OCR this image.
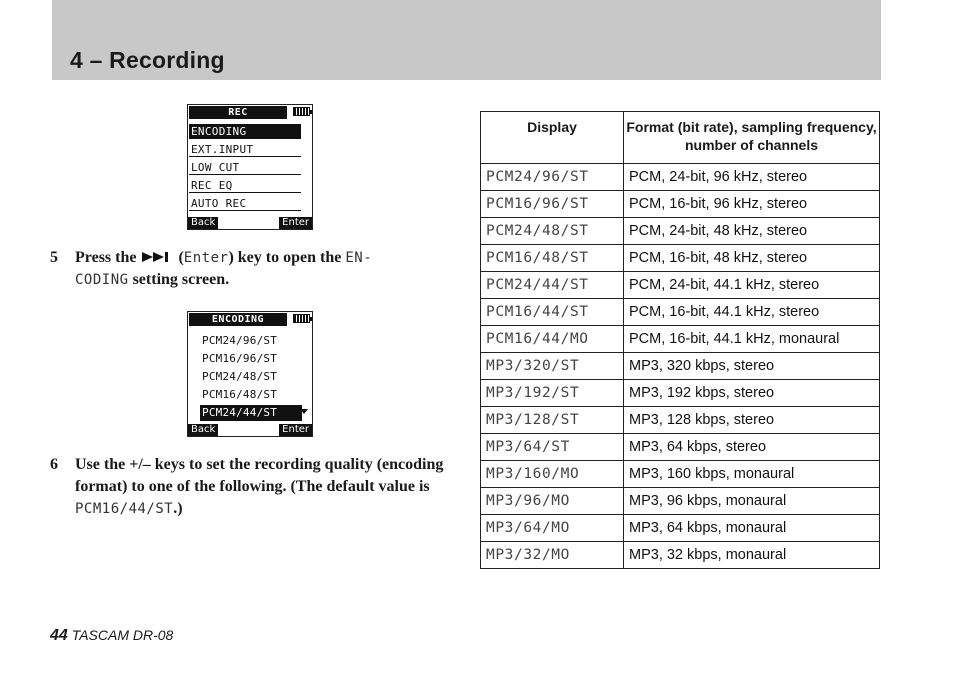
4 – Recording
REC
ENCODING
EXT.INPUT
LOW CUT
REC EQ
AUTO REC
Back	Enter
5 Press the	(Enter) key to open the EN-
CODING setting screen.
ENCODING
PCM24/96/ST
PCM16/96/ST
PCM24/48/ST
PCM16/48/ST
PCM24/44/ST
Back	Enter
6 Use the +/– keys to set the recording quality (encoding format) to one of the following. (The default value is PCM16/44/ST.)
Display	Format (bit rate), sampling frequency, number of channels
PCM24/96/ST	PCM, 24-bit, 96 kHz, stereo
PCM16/96/ST	PCM, 16-bit, 96 kHz, stereo
PCM24/48/ST	PCM, 24-bit, 48 kHz, stereo
PCM16/48/ST	PCM, 16-bit, 48 kHz, stereo
PCM24/44/ST	PCM, 24-bit, 44.1 kHz, stereo
PCM16/44/ST	PCM, 16-bit, 44.1 kHz, stereo
PCM16/44/MO	PCM, 16-bit, 44.1 kHz, monaural
MP3/320/ST	MP3, 320 kbps, stereo
MP3/192/ST	MP3, 192 kbps, stereo
MP3/128/ST	MP3, 128 kbps, stereo
MP3/64/ST	MP3, 64 kbps, stereo
MP3/160/MO	MP3, 160 kbps, monaural
MP3/96/MO	MP3, 96 kbps, monaural
MP3/64/MO	MP3, 64 kbps, monaural
MP3/32/MO	MP3, 32 kbps, monaural
44 TASCAM DR-08
